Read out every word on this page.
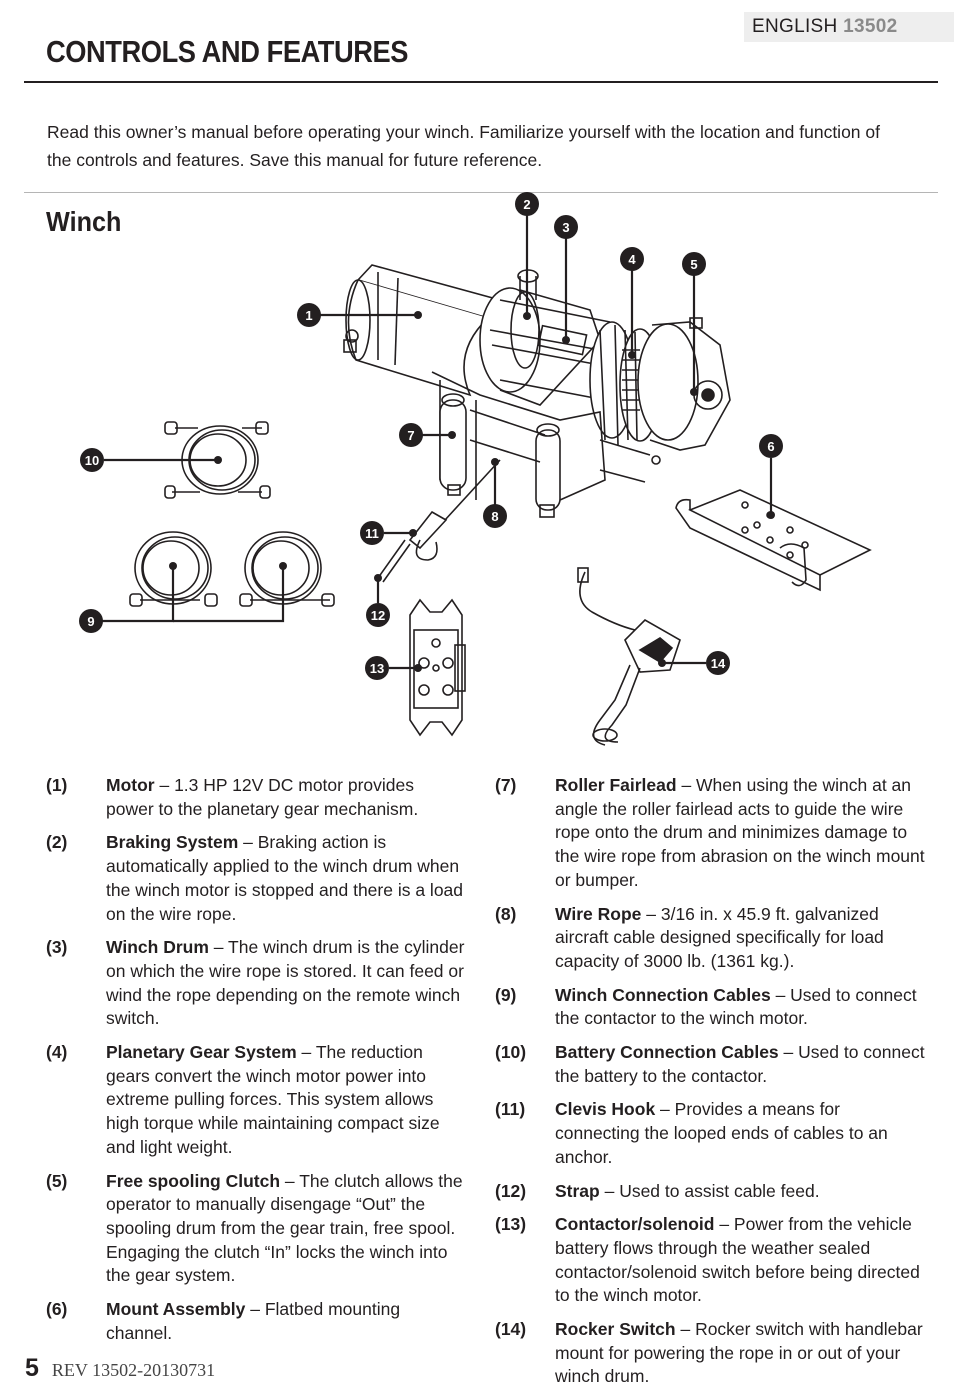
ENGLISH 13502
CONTROLS AND FEATURES

Read this owner’s manual before operating your winch. Familiarize yourself with the location and function of the controls and features. Save this manual for future reference.

Winch
1
2
3
4	5
6
7
8
9
10
11
12
13	14
(1)	Motor – 1.3 HP 12V DC motor provides power to the planetary gear mechanism.
(2)	Braking System – Braking action is automatically applied to the winch drum when the winch motor is stopped and there is a load on the wire rope.
(3)	Winch Drum – The winch drum is the cylinder on which the wire rope is stored. It can feed or wind the rope depending on the remote winch switch.
(4)	Planetary Gear System – The reduction gears convert the winch motor power into extreme pulling forces. This system allows high torque while maintaining compact size and light weight.
(5)	Free spooling Clutch – The clutch allows the operator to manually disengage “Out” the spooling drum from the gear train, free spool. Engaging the clutch “In” locks the winch into the gear system.
(6)	Mount Assembly – Flatbed mounting channel.
(7)	Roller Fairlead – When using the winch at an angle the roller fairlead acts to guide the wire rope onto the drum and minimizes damage to the wire rope from abrasion on the winch mount or bumper.
(8)	Wire Rope – 3/16 in. x 45.9 ft. galvanized aircraft cable designed specifically for load capacity of 3000 lb. (1361 kg.).
(9)	Winch Connection Cables – Used to connect the contactor to the winch motor.
(10)	Battery Connection Cables – Used to connect the battery to the contactor.
(11)	Clevis Hook – Provides a means for connecting the looped ends of cables to an anchor.
(12)	Strap – Used to assist cable feed.
(13)	Contactor/solenoid – Power from the vehicle battery flows through the weather sealed contactor/solenoid switch before being directed to the winch motor.
(14)	Rocker Switch – Rocker switch with handlebar mount for powering the rope in or out of your winch drum.
5 REV 13502-20130731
